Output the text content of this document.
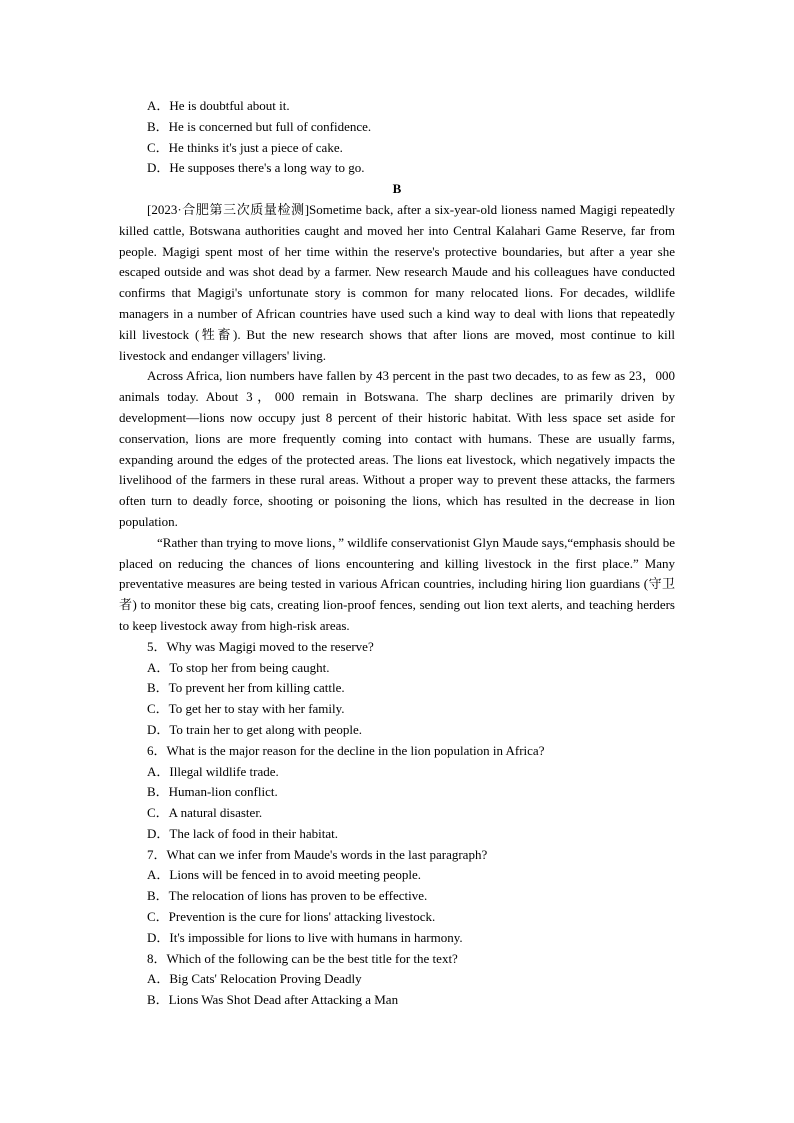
A．He is doubtful about it.
B．He is concerned but full of confidence.
C．He thinks it's just a piece of cake.
D．He supposes there's a long way to go.
B

[2023·合肥第三次质量检测]Sometime back, after a six-year-old lioness named Magigi repeatedly killed cattle, Botswana authorities caught and moved her into Central Kalahari Game Reserve, far from people. Magigi spent most of her time within the reserve's protective boundaries, but after a year she escaped outside and was shot dead by a farmer. New research Maude and his colleagues have conducted confirms that Magigi's unfortunate story is common for many relocated lions. For decades, wildlife managers in a number of African countries have used such a kind way to deal with lions that repeatedly kill livestock (牲畜). But the new research shows that after lions are moved, most continue to kill livestock and endanger villagers' living.

Across Africa, lion numbers have fallen by 43 percent in the past two decades, to as few as 23，000 animals today. About 3，000 remain in Botswana. The sharp declines are primarily driven by development—lions now occupy just 8 percent of their historic habitat. With less space set aside for conservation, lions are more frequently coming into contact with humans. These are usually farms, expanding around the edges of the protected areas. The lions eat livestock, which negatively impacts the livelihood of the farmers in these rural areas. Without a proper way to prevent these attacks, the farmers often turn to deadly force, shooting or poisoning the lions, which has resulted in the decrease in lion population.

“Rather than trying to move lions，” wildlife conservationist Glyn Maude says,“emphasis should be placed on reducing the chances of lions encountering and killing livestock in the first place.” Many preventative measures are being tested in various African countries, including hiring lion guardians (守卫者) to monitor these big cats, creating lion-proof fences, sending out lion text alerts, and teaching herders to keep livestock away from high-risk areas.

5．Why was Magigi moved to the reserve?
A．To stop her from being caught.
B．To prevent her from killing cattle.
C．To get her to stay with her family.
D．To train her to get along with people.
6．What is the major reason for the decline in the lion population in Africa?
A．Illegal wildlife trade.
B．Human-lion conflict.
C．A natural disaster.
D．The lack of food in their habitat.
7．What can we infer from Maude's words in the last paragraph?
A．Lions will be fenced in to avoid meeting people.
B．The relocation of lions has proven to be effective.
C．Prevention is the cure for lions' attacking livestock.
D．It's impossible for lions to live with humans in harmony.
8．Which of the following can be the best title for the text?
A．Big Cats' Relocation Proving Deadly
B．Lions Was Shot Dead after Attacking a Man
